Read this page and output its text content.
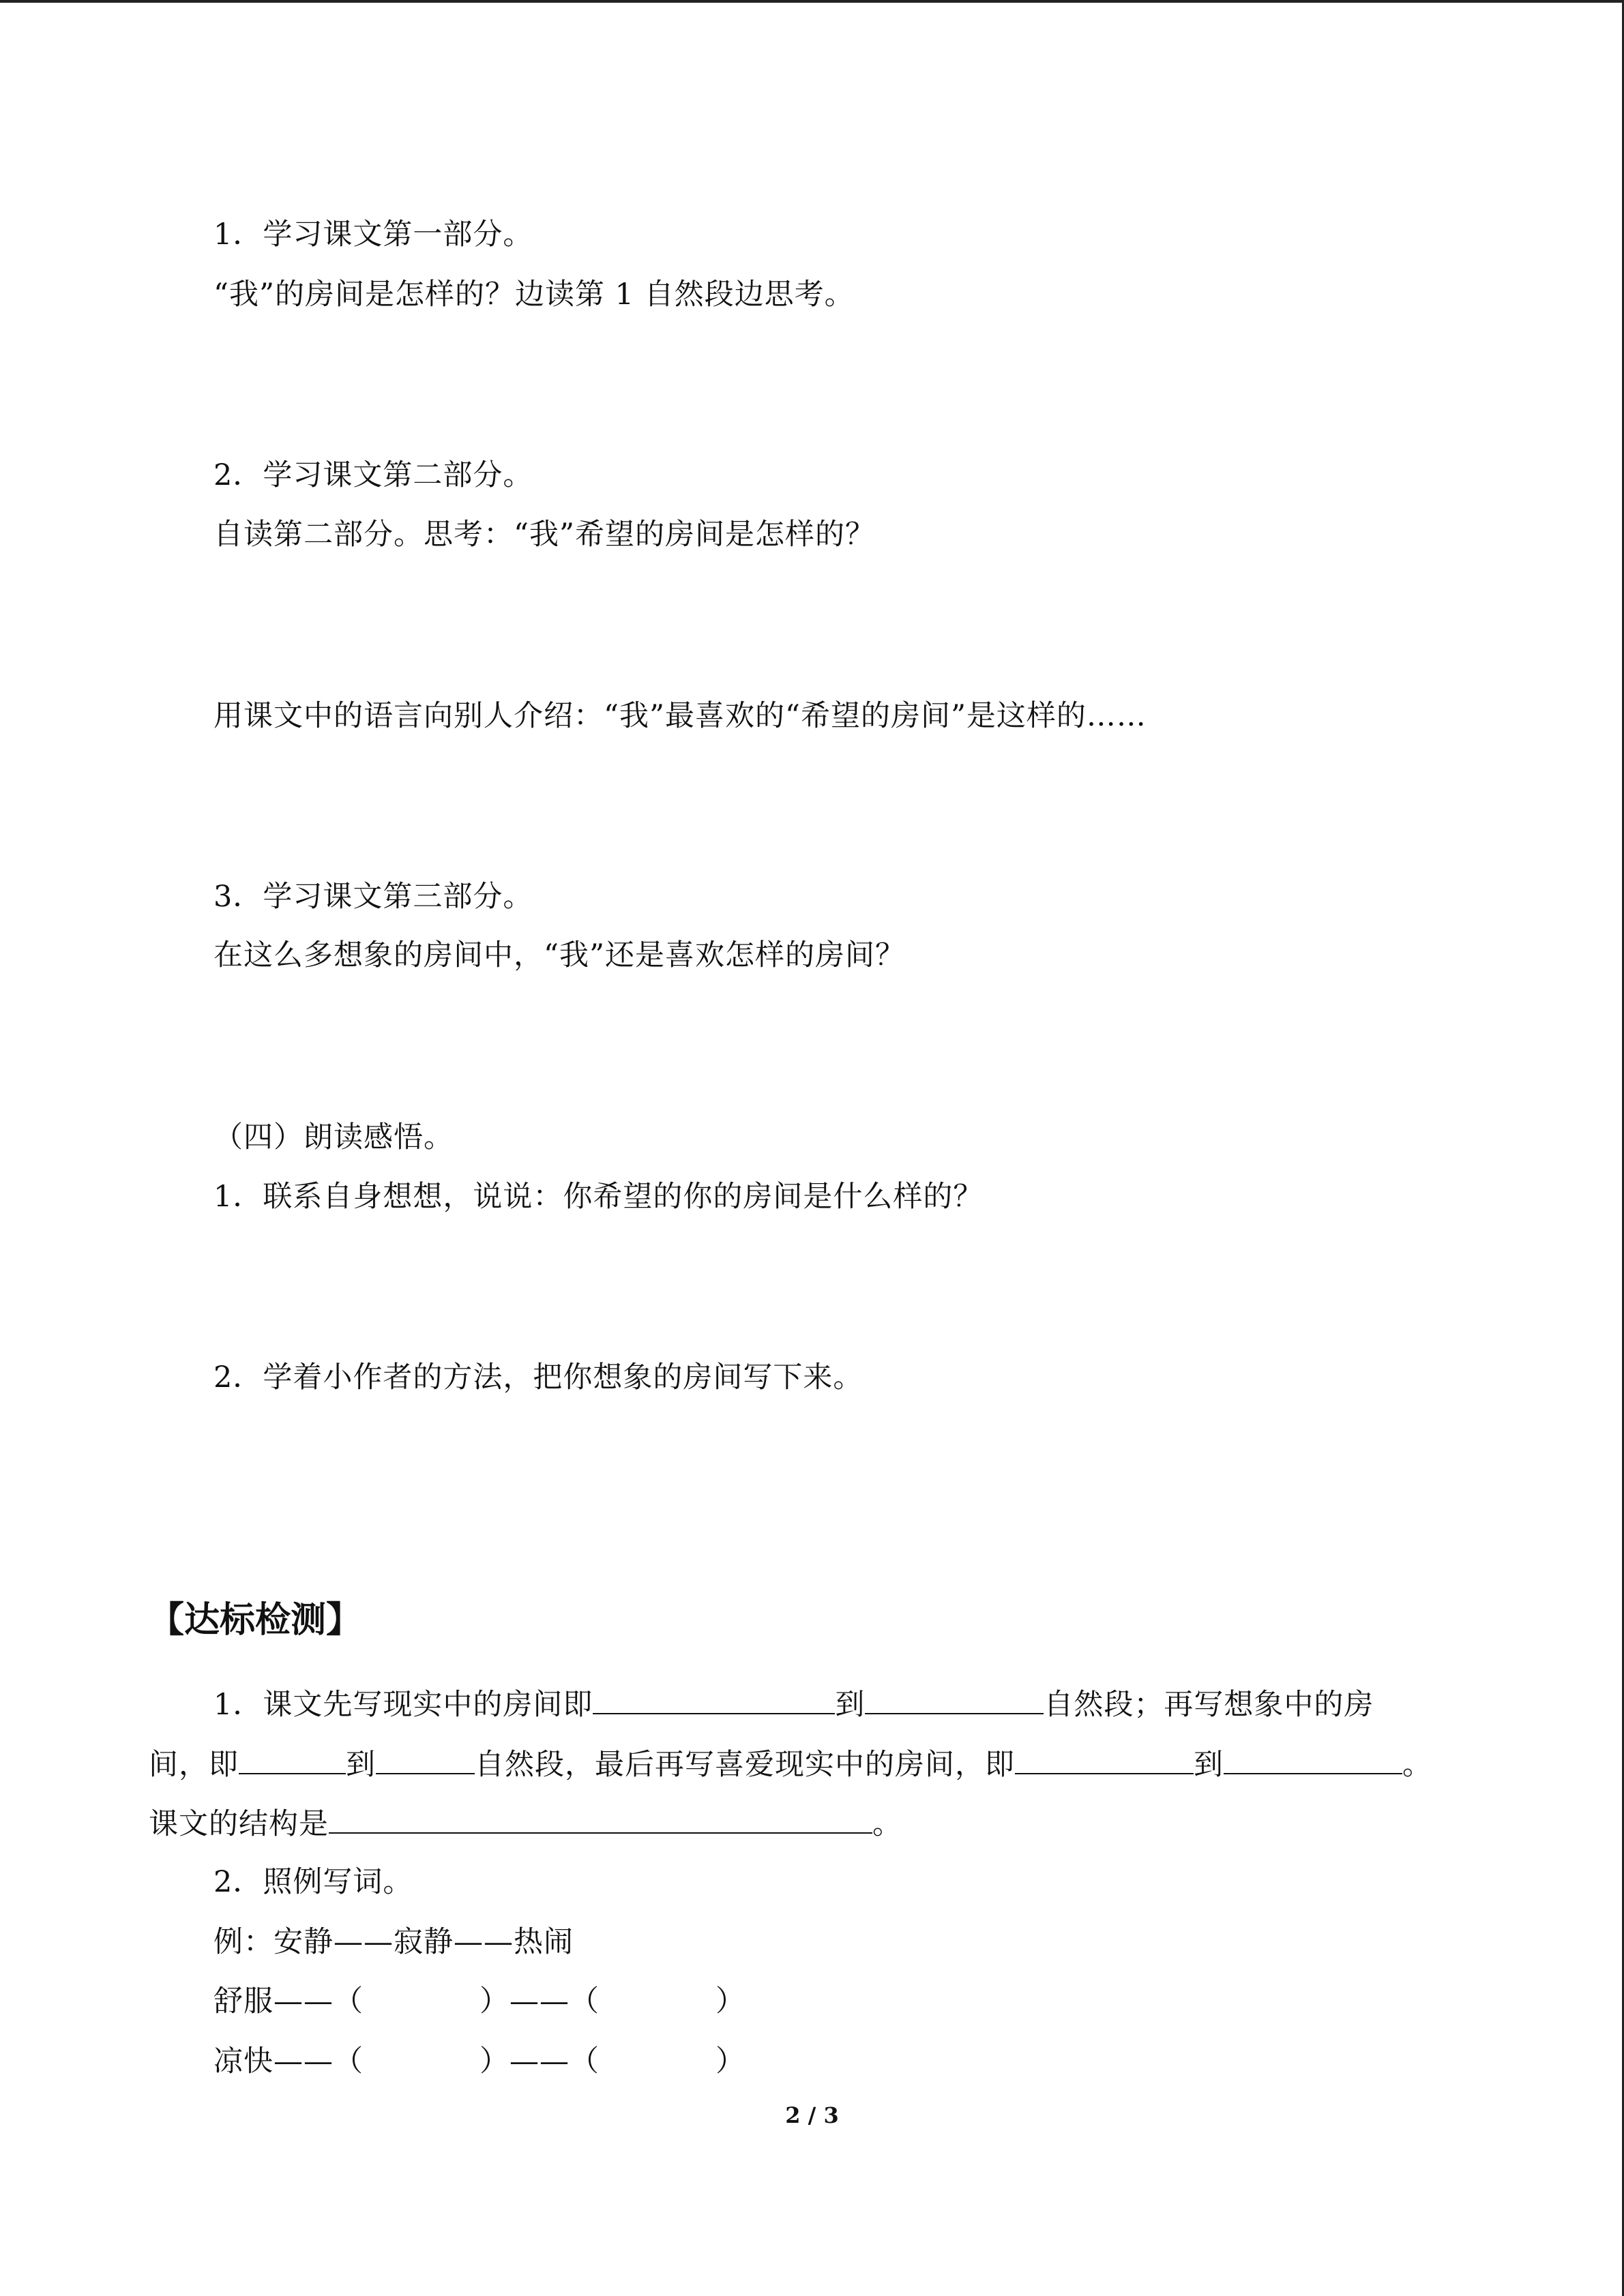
1．学习课文第一部分。
“我”的房间是怎样的？边读第 1 自然段边思考。
2．学习课文第二部分。
自读第二部分。思考：“我”希望的房间是怎样的？
用课文中的语言向别人介绍：“我”最喜欢的“希望的房间”是这样的……
3．学习课文第三部分。
在这么多想象的房间中，“我”还是喜欢怎样的房间？
（四）朗读感悟。
1．联系自身想想，说说：你希望的你的房间是什么样的？
2．学着小作者的方法，把你想象的房间写下来。
【达标检测】
1．课文先写现实中的房间即	到	自然段；再写想象中的房
间，即	到	自然段，最后再写喜爱现实中的房间，即	到	。
课文的结构是	。
2．照例写词。
例：安静——寂静——热闹
舒服——（	）——（	）
凉快——（	）——（	）
2 / 3
